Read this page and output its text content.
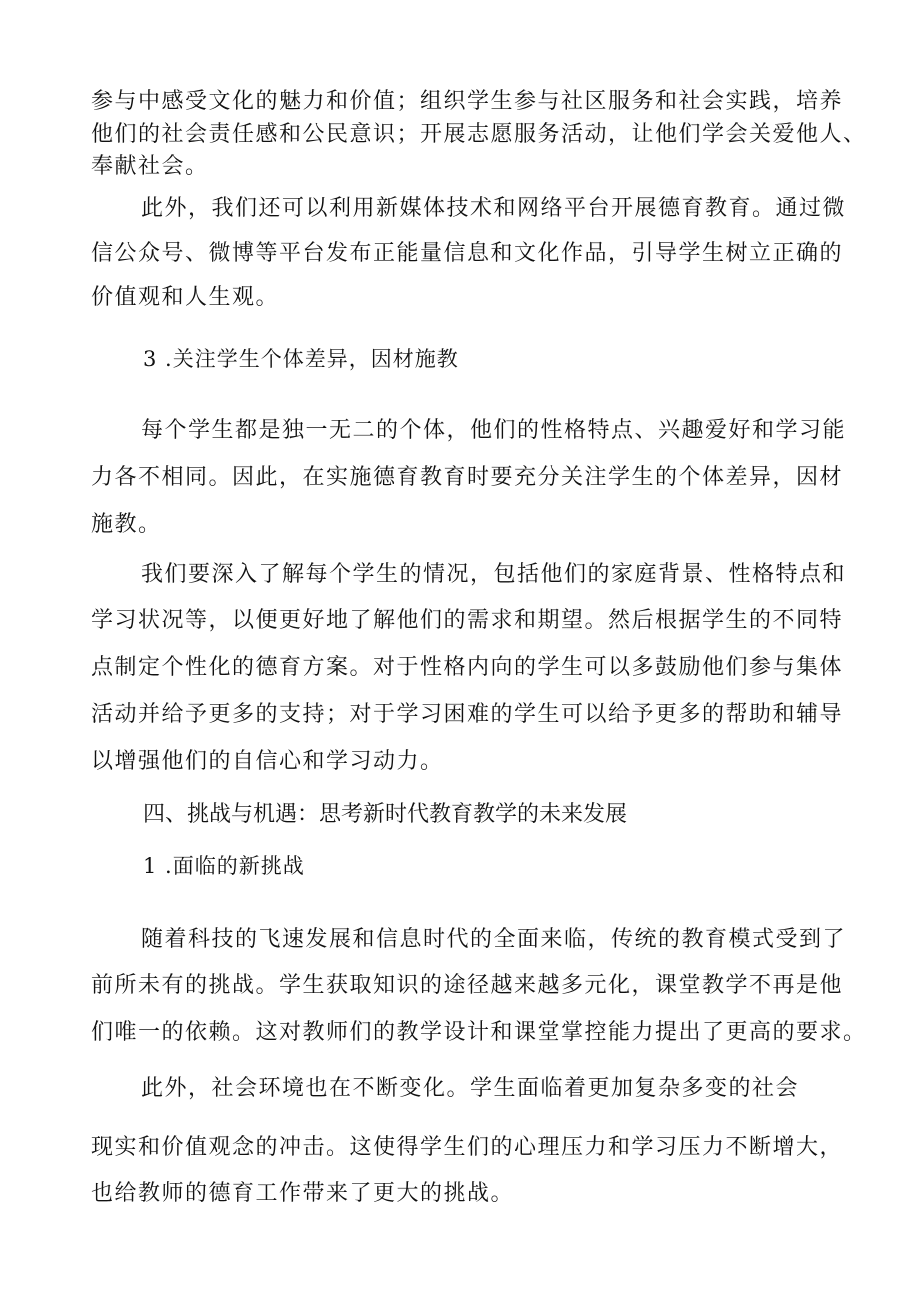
参与中感受文化的魅力和价值；组织学生参与社区服务和社会实践，培养
他们的社会责任感和公民意识；开展志愿服务活动，让他们学会关爱他人、
奉献社会。
此外，我们还可以利用新媒体技术和网络平台开展德育教育。通过微
信公众号、微博等平台发布正能量信息和文化作品，引导学生树立正确的
价值观和人生观。
3 .关注学生个体差异，因材施教
每个学生都是独一无二的个体，他们的性格特点、兴趣爱好和学习能
力各不相同。因此，在实施德育教育时要充分关注学生的个体差异，因材
施教。
我们要深入了解每个学生的情况，包括他们的家庭背景、性格特点和
学习状况等，以便更好地了解他们的需求和期望。然后根据学生的不同特
点制定个性化的德育方案。对于性格内向的学生可以多鼓励他们参与集体
活动并给予更多的支持；对于学习困难的学生可以给予更多的帮助和辅导
以增强他们的自信心和学习动力。
四、挑战与机遇：思考新时代教育教学的未来发展
1 .面临的新挑战
随着科技的飞速发展和信息时代的全面来临，传统的教育模式受到了
前所未有的挑战。学生获取知识的途径越来越多元化，课堂教学不再是他
们唯一的依赖。这对教师们的教学设计和课堂掌控能力提出了更高的要求。
此外，社会环境也在不断变化。学生面临着更加复杂多变的社会
现实和价值观念的冲击。这使得学生们的心理压力和学习压力不断增大，
也给教师的德育工作带来了更大的挑战。
